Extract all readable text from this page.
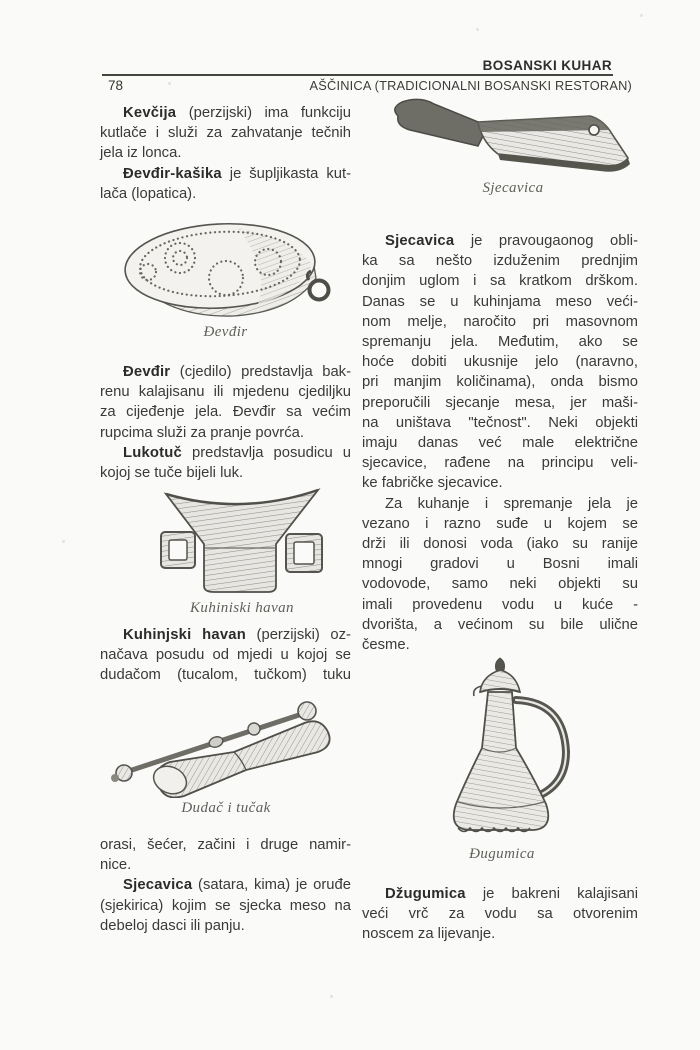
BOSANSKI KUHAR
78	AŠČINICA (TRADICIONALNI BOSANSKI RESTORAN)
Kevčija (perzijski) ima funkciju
kutlače i služi za zahvatanje tečnih
jela iz lonca.
Đevđir-kašika je šupljikasta kut-
lača (lopatica).
Đevđir (cjedilo) predstavlja bak-
renu kalajisanu ili mjedenu cjediljku
za cijeđenje jela. Đevđir sa većim
rupcima služi za pranje povrća.
Lukotuč predstavlja posudicu u
kojoj se tuče bijeli luk.
Kuhinjski havan (perzijski) oz-
načava posudu od mjedi u kojoj se
dudačom (tucalom, tučkom) tuku
orasi, šećer, začini i druge namir-
nice.
Sjecavica (satara, kima) je oruđe
(sjekirica) kojim se sjecka meso na
debeloj dasci ili panju.
Sjecavica je pravougaonog obli-
ka sa nešto izduženim prednjim
donjim uglom i sa kratkom drškom.
Danas se u kuhinjama meso veći-
nom melje, naročito pri masovnom
spremanju jela. Međutim, ako se
hoće dobiti ukusnije jelo (naravno,
pri manjim količinama), onda bismo
preporučili sjecanje mesa, jer maši-
na uništava "tečnost". Neki objekti
imaju danas već male električne
sjecavice, rađene na principu veli-
ke fabričke sjecavice.
Za kuhanje i spremanje jela je
vezano i razno suđe u kojem se
drži ili donosi voda (iako su ranije
mnogi gradovi u Bosni imali
vodovode, samo neki objekti su
imali provedenu vodu u kuće -
dvorišta, a većinom su bile ulične
česme.
Džugumica je bakreni kalajisani
veći vrč za vodu sa otvorenim
noscem za lijevanje.
Sjecavica
Đevđir
Kuhiniski havan
Dudač i tučak
Đugumica
